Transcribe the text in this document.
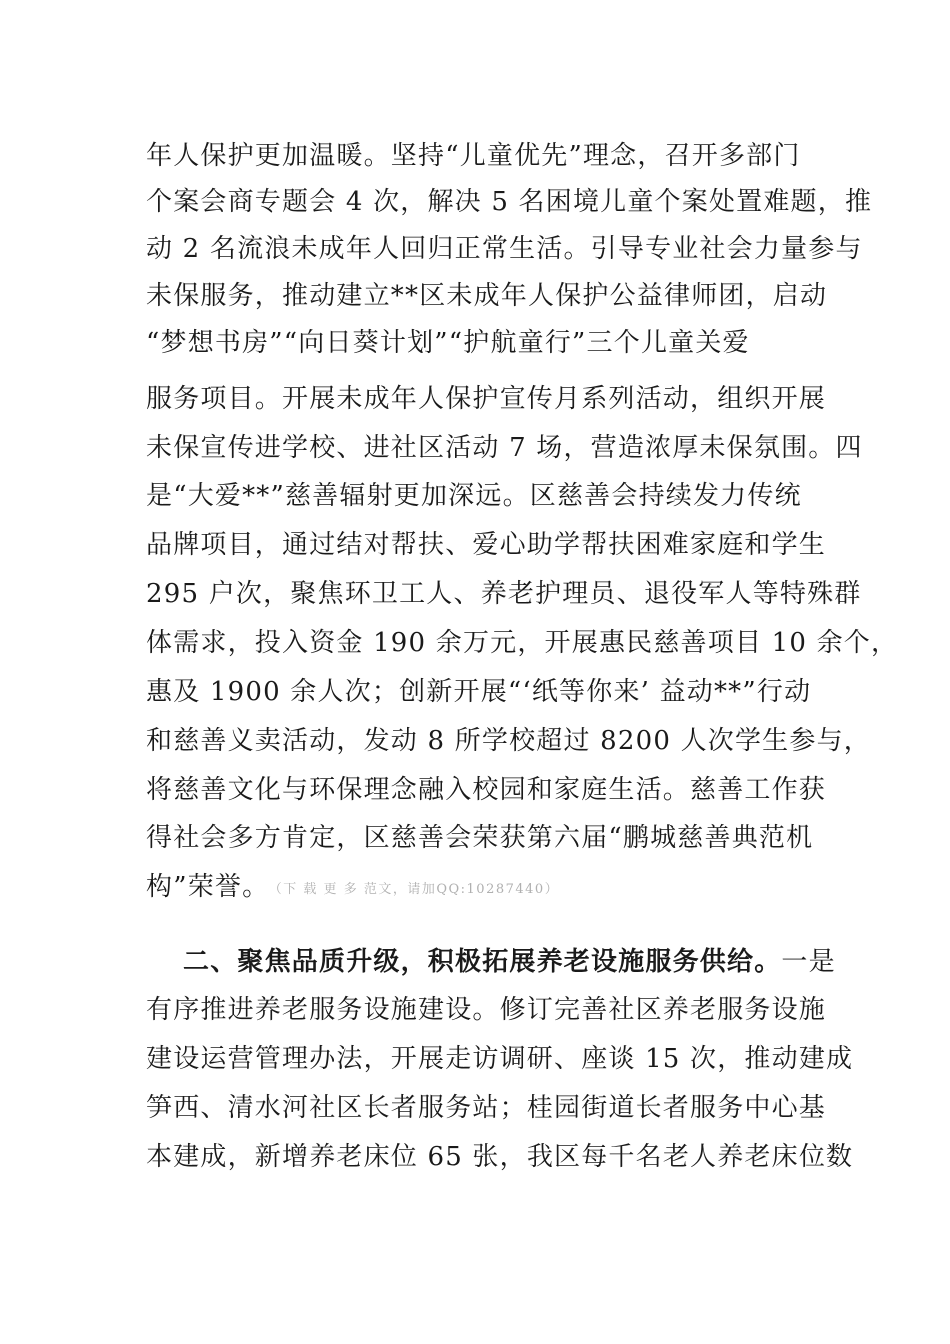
年人保护更加温暖。坚持“儿童优先”理念，召开多部门
个案会商专题会 4 次，解决 5 名困境儿童个案处置难题，推
动 2 名流浪未成年人回归正常生活。引导专业社会力量参与
未保服务，推动建立**区未成年人保护公益律师团，启动
“梦想书房”“向日葵计划”“护航童行”三个儿童关爱
服务项目。开展未成年人保护宣传月系列活动，组织开展
未保宣传进学校、进社区活动 7 场，营造浓厚未保氛围。四
是“大爱**”慈善辐射更加深远。区慈善会持续发力传统
品牌项目，通过结对帮扶、爱心助学帮扶困难家庭和学生
295 户次，聚焦环卫工人、养老护理员、退役军人等特殊群
体需求，投入资金 190 余万元，开展惠民慈善项目 10 余个，
惠及 1900 余人次；创新开展“‘纸等你来’ 益动**”行动
和慈善义卖活动，发动 8 所学校超过 8200 人次学生参与，
将慈善文化与环保理念融入校园和家庭生活。慈善工作获
得社会多方肯定，区慈善会荣获第六届“鹏城慈善典范机
构”荣誉。 （下 载 更 多 范文，请加QQ:10287440）
二、聚焦品质升级，积极拓展养老设施服务供给。一是
有序推进养老服务设施建设。修订完善社区养老服务设施
建设运营管理办法，开展走访调研、座谈 15 次，推动建成
笋西、清水河社区长者服务站；桂园街道长者服务中心基
本建成，新增养老床位 65 张，我区每千名老人养老床位数
